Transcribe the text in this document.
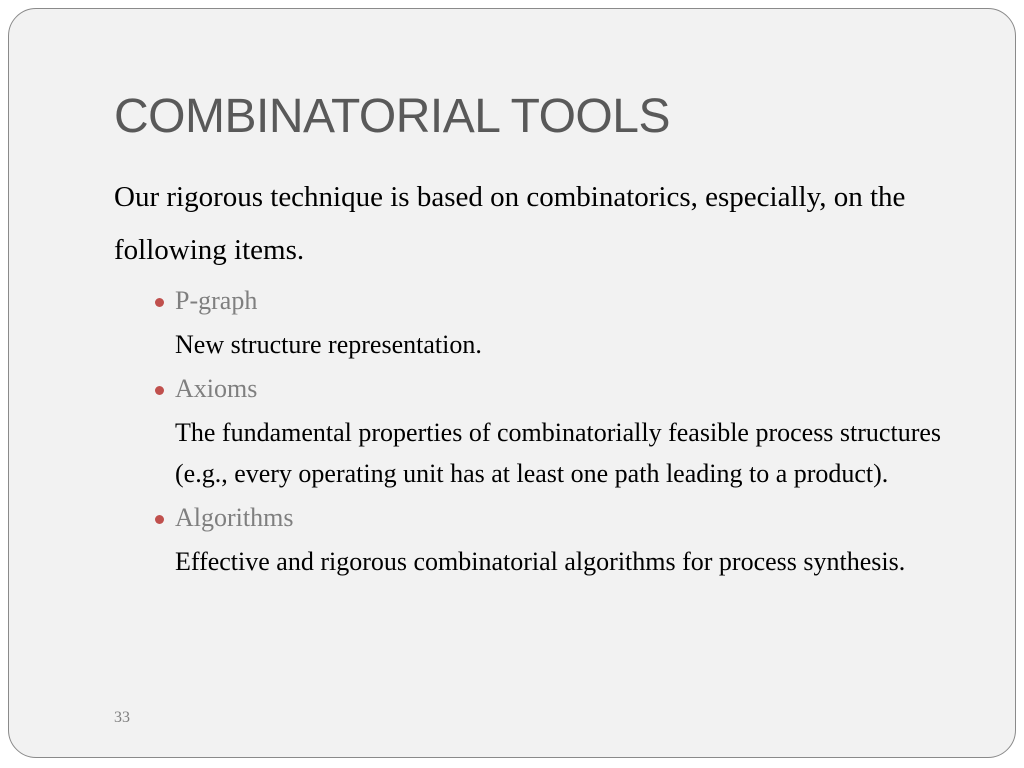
COMBINATORIAL TOOLS

Our rigorous technique is based on combinatorics, especially, on the following items.

P-graph

New structure representation.

Axioms

The fundamental properties of combinatorially feasible process structures (e.g., every operating unit has at least one path leading to a product).

Algorithms

Effective and rigorous combinatorial algorithms for process synthesis.

33
